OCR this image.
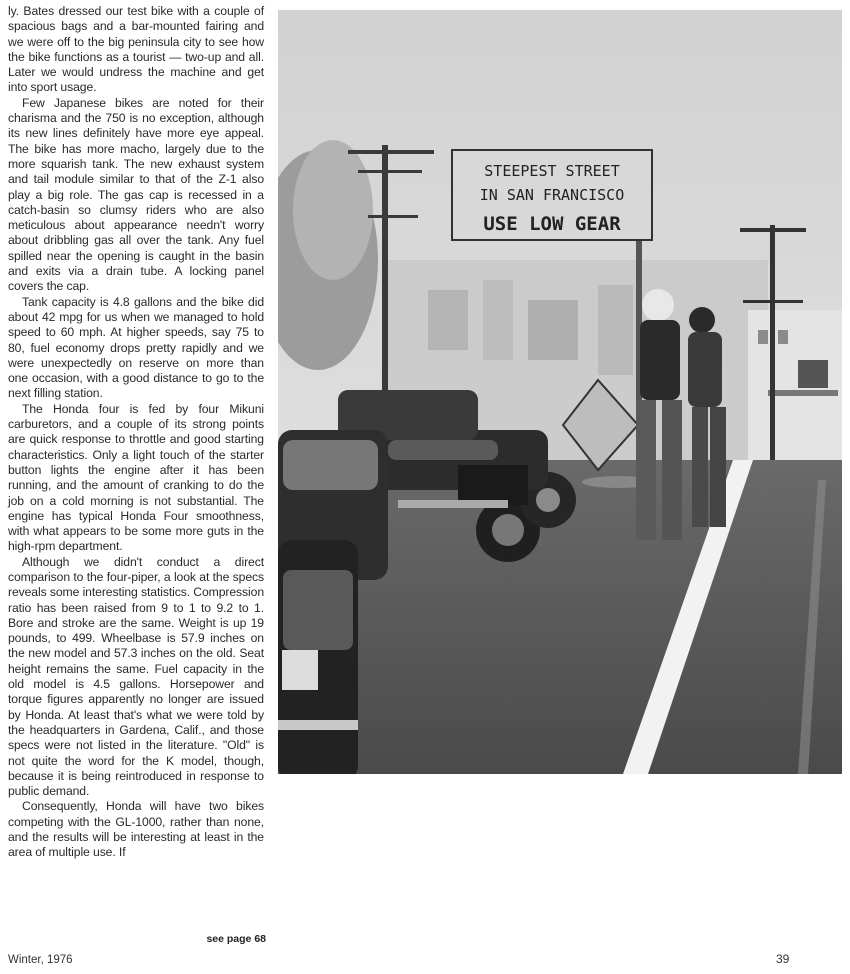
ly. Bates dressed our test bike with a couple of spacious bags and a bar-mounted fairing and we were off to the big peninsula city to see how the bike functions as a tourist — two-up and all. Later we would undress the machine and get into sport usage.

Few Japanese bikes are noted for their charisma and the 750 is no exception, although its new lines definitely have more eye appeal. The bike has more macho, largely due to the more squarish tank. The new exhaust system and tail module similar to that of the Z-1 also play a big role. The gas cap is recessed in a catch-basin so clumsy riders who are also meticulous about appearance needn't worry about dribbling gas all over the tank. Any fuel spilled near the opening is caught in the basin and exits via a drain tube. A locking panel covers the cap.

Tank capacity is 4.8 gallons and the bike did about 42 mpg for us when we managed to hold speed to 60 mph. At higher speeds, say 75 to 80, fuel economy drops pretty rapidly and we were unexpectedly on reserve on more than one occasion, with a good distance to go to the next filling station.

The Honda four is fed by four Mikuni carburetors, and a couple of its strong points are quick response to throttle and good starting characteristics. Only a light touch of the starter button lights the engine after it has been running, and the amount of cranking to do the job on a cold morning is not substantial. The engine has typical Honda Four smoothness, with what appears to be some more guts in the high-rpm department.

Although we didn't conduct a direct comparison to the four-piper, a look at the specs reveals some interesting statistics. Compression ratio has been raised from 9 to 1 to 9.2 to 1. Bore and stroke are the same. Weight is up 19 pounds, to 499. Wheelbase is 57.9 inches on the new model and 57.3 inches on the old. Seat height remains the same. Fuel capacity in the old model is 4.5 gallons. Horsepower and torque figures apparently no longer are issued by Honda. At least that's what we were told by the headquarters in Gardena, Calif., and those specs were not listed in the literature. "Old" is not quite the word for the K model, though, because it is being reintroduced in response to public demand.

Consequently, Honda will have two bikes competing with the GL-1000, rather than none, and the results will be interesting at least in the area of multiple use. If

see page 68
STEEPEST STREET
IN SAN FRANCISCO
USE LOW GEAR
Winter, 1976	39
